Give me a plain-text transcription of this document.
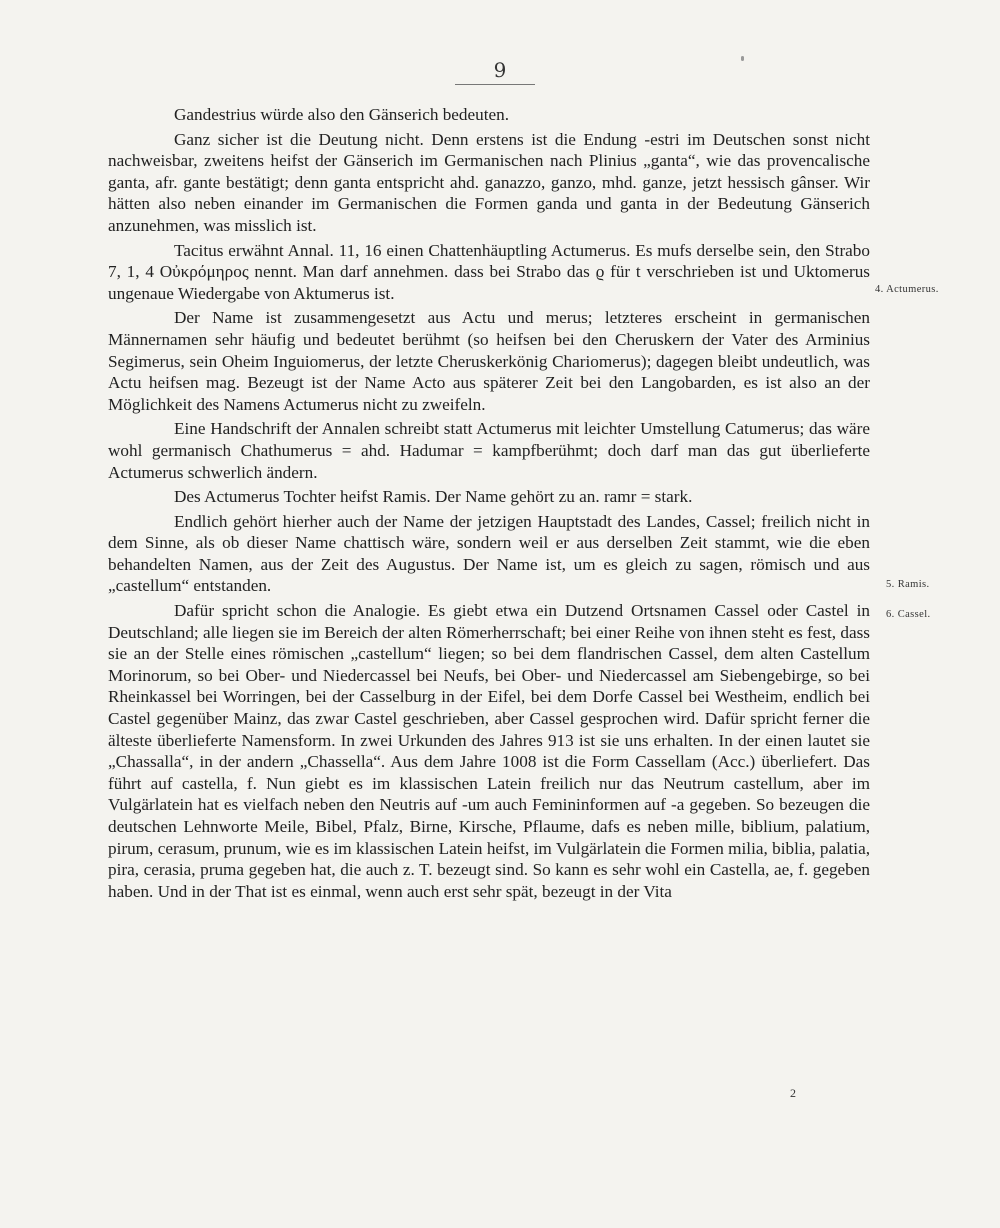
9

Gandestrius würde also den Gänserich bedeuten.

Ganz sicher ist die Deutung nicht. Denn erstens ist die Endung -estri im Deutschen sonst nicht nachweisbar, zweitens heifst der Gänserich im Germanischen nach Plinius „ganta“, wie das provencalische ganta, afr. gante bestätigt; denn ganta entspricht ahd. ganazzo, ganzo, mhd. ganze, jetzt hessisch gânser. Wir hätten also neben einander im Germanischen die Formen ganda und ganta in der Bedeutung Gänserich anzunehmen, was misslich ist.

Tacitus erwähnt Annal. 11, 16 einen Chattenhäuptling Actumerus. Es mufs derselbe sein, den Strabo 7, 1, 4 Οὐκρόμηρος nennt. Man darf annehmen. dass bei Strabo das ϱ für t verschrieben ist und Uktomerus ungenaue Wiedergabe von Aktumerus ist.

Der Name ist zusammengesetzt aus Actu und merus; letzteres erscheint in germanischen Männernamen sehr häufig und bedeutet berühmt (so heifsen bei den Cheruskern der Vater des Arminius Segimerus, sein Oheim Inguiomerus, der letzte Cheruskerkönig Chariomerus); dagegen bleibt undeutlich, was Actu heifsen mag. Bezeugt ist der Name Acto aus späterer Zeit bei den Langobarden, es ist also an der Möglichkeit des Namens Actumerus nicht zu zweifeln.

Eine Handschrift der Annalen schreibt statt Actumerus mit leichter Umstellung Catumerus; das wäre wohl germanisch Chathumerus = ahd. Hadumar = kampfberühmt; doch darf man das gut überlieferte Actumerus schwerlich ändern.

Des Actumerus Tochter heifst Ramis. Der Name gehört zu an. ramr = stark.

Endlich gehört hierher auch der Name der jetzigen Hauptstadt des Landes, Cassel; freilich nicht in dem Sinne, als ob dieser Name chattisch wäre, sondern weil er aus derselben Zeit stammt, wie die eben behandelten Namen, aus der Zeit des Augustus. Der Name ist, um es gleich zu sagen, römisch und aus „castellum“ entstanden.

Dafür spricht schon die Analogie. Es giebt etwa ein Dutzend Ortsnamen Cassel oder Castel in Deutschland; alle liegen sie im Bereich der alten Römerherrschaft; bei einer Reihe von ihnen steht es fest, dass sie an der Stelle eines römischen „castellum“ liegen; so bei dem flandrischen Cassel, dem alten Castellum Morinorum, so bei Ober- und Niedercassel bei Neufs, bei Ober- und Niedercassel am Siebengebirge, so bei Rheinkassel bei Worringen, bei der Casselburg in der Eifel, bei dem Dorfe Cassel bei Westheim, endlich bei Castel gegenüber Mainz, das zwar Castel geschrieben, aber Cassel gesprochen wird. Dafür spricht ferner die älteste überlieferte Namensform. In zwei Urkunden des Jahres 913 ist sie uns erhalten. In der einen lautet sie „Chassalla“, in der andern „Chassella“. Aus dem Jahre 1008 ist die Form Cassellam (Acc.) überliefert. Das führt auf castella, f. Nun giebt es im klassischen Latein freilich nur das Neutrum castellum, aber im Vulgärlatein hat es vielfach neben den Neutris auf -um auch Femininformen auf -a gegeben. So bezeugen die deutschen Lehnworte Meile, Bibel, Pfalz, Birne, Kirsche, Pflaume, dafs es neben mille, biblium, palatium, pirum, cerasum, prunum, wie es im klassischen Latein heifst, im Vulgärlatein die Formen milia, biblia, palatia, pira, cerasia, pruma gegeben hat, die auch z. T. bezeugt sind. So kann es sehr wohl ein Castella, ae, f. gegeben haben. Und in der That ist es einmal, wenn auch erst sehr spät, bezeugt in der Vita

4. Actumerus.
5. Ramis.
6. Cassel.
2
